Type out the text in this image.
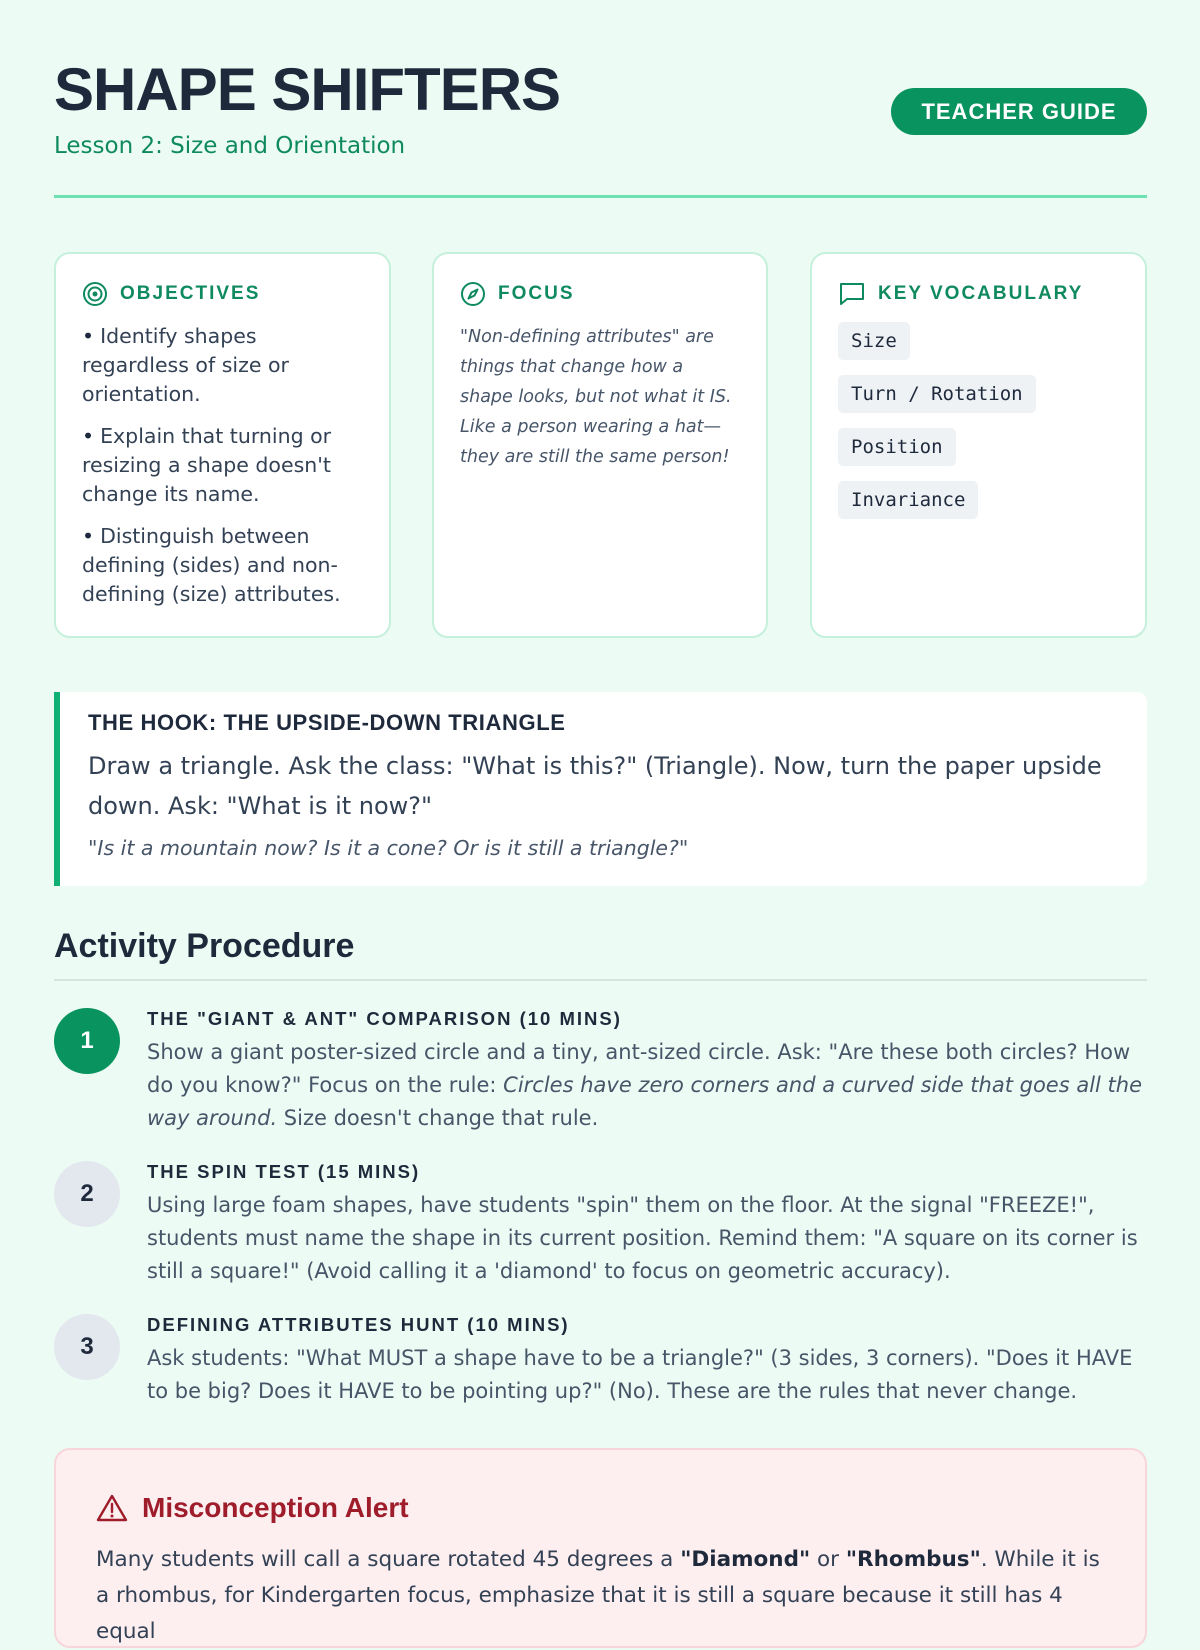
SHAPE SHIFTERS
Lesson 2: Size and Orientation
TEACHER GUIDE
OBJECTIVES
• Identify shapes regardless of size or orientation.
• Explain that turning or resizing a shape doesn't change its name.
• Distinguish between defining (sides) and non-defining (size) attributes.
FOCUS

"Non-defining attributes" are things that change how a shape looks, but not what it IS. Like a person wearing a hat—they are still the same person!

KEY VOCABULARY
Size
Turn / Rotation
Position
Invariance
THE HOOK: THE UPSIDE-DOWN TRIANGLE

Draw a triangle. Ask the class: "What is this?" (Triangle). Now, turn the paper upside down. Ask: "What is it now?"

"Is it a mountain now? Is it a cone? Or is it still a triangle?"

Activity Procedure
1
THE "GIANT & ANT" COMPARISON (10 MINS)

Show a giant poster-sized circle and a tiny, ant-sized circle. Ask: "Are these both circles? How do you know?" Focus on the rule: Circles have zero corners and a curved side that goes all the way around. Size doesn't change that rule.

2
THE SPIN TEST (15 MINS)

Using large foam shapes, have students "spin" them on the floor. At the signal "FREEZE!", students must name the shape in its current position. Remind them: "A square on its corner is still a square!" (Avoid calling it a 'diamond' to focus on geometric accuracy).

3
DEFINING ATTRIBUTES HUNT (10 MINS)

Ask students: "What MUST a shape have to be a triangle?" (3 sides, 3 corners). "Does it HAVE to be big? Does it HAVE to be pointing up?" (No). These are the rules that never change.

Misconception Alert

Many students will call a square rotated 45 degrees a "Diamond" or "Rhombus". While it is a rhombus, for Kindergarten focus, emphasize that it is still a square because it still has 4 equal
